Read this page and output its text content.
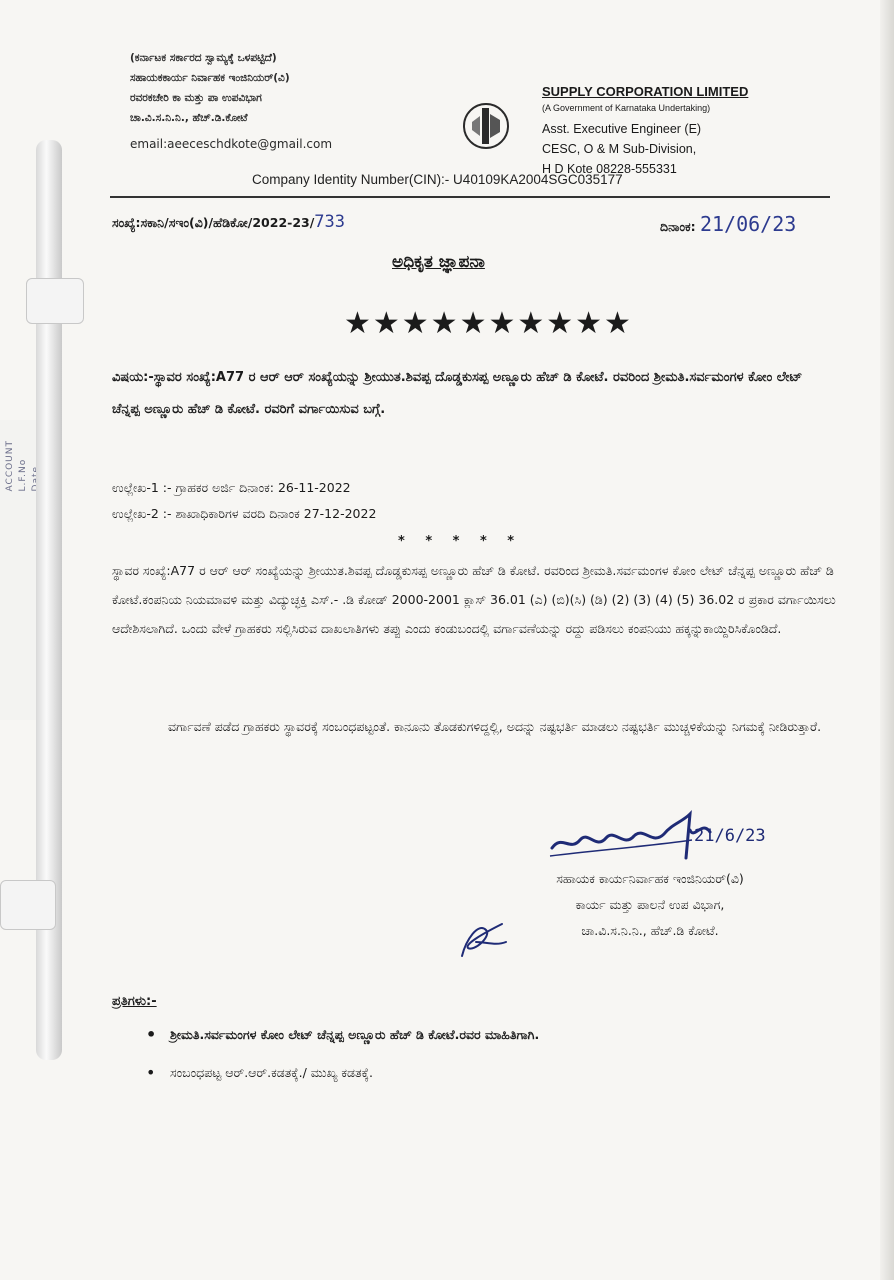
ACCOUNT L.F.No
(ಕರ್ನಾಟಕ ಸರ್ಕಾರದ ಸ್ವಾಮ್ಯಕ್ಕೆ ಒಳಪಟ್ಟಿದೆ)
ಸಹಾಯಕಕಾರ್ಯ ನಿರ್ವಾಹಕ ಇಂಜಿನಿಯರ್(ವಿ)
ರವರಕಚೇರಿ ಕಾ ಮತ್ತು ಪಾ ಉಪವಿಭಾಗ
ಚಾ.ವಿ.ಸ.ನಿ.ನಿ., ಹೆಚ್.ಡಿ.ಕೋಟೆ
email:aeeceschdkote@gmail.com
SUPPLY CORPORATION LIMITED
(A Government of Karnataka Undertaking)
Asst. Executive Engineer (E)
CESC, O & M Sub-Division,
H D Kote 08228-555331
Company Identity Number(CIN):- U40109KA2004SGC035177
ಸಂಖ್ಯೆ:ಸಕಾನಿ/ಸಇಂ(ವಿ)/ಹೆಡಿಕೋ/2022-23/733	ದಿನಾಂಕ: 21/06/23
ಅಧಿಕೃತ ಜ್ಞಾಪನಾ
★★★★★★★★★★
ವಿಷಯ:-ಸ್ಥಾವರ ಸಂಖ್ಯೆ:A77 ರ ಆರ್ ಆರ್ ಸಂಖ್ಯೆಯನ್ನು ಶ್ರೀಯುತ.ಶಿವಪ್ಪ ದೊಡ್ಡಕುಸಪ್ಪ ಅಣ್ಣೂರು ಹೆಚ್ ಡಿ ಕೋಟೆ. ರವರಿಂದ ಶ್ರೀಮತಿ.ಸರ್ವಮಂಗಳ ಕೋಂ ಲೇಟ್ ಚೆನ್ನಪ್ಪ ಅಣ್ಣೂರು ಹೆಚ್ ಡಿ ಕೋಟೆ. ರವರಿಗೆ ವರ್ಗಾಯಿಸುವ ಬಗ್ಗೆ.
ಉಲ್ಲೇಖ-1 :- ಗ್ರಾಹಕರ ಅರ್ಜಿ ದಿನಾಂಕ: 26-11-2022
ಉಲ್ಲೇಖ-2 :- ಶಾಖಾಧಿಕಾರಿಗಳ ವರದಿ ದಿನಾಂಕ 27-12-2022
* * * * *
ಸ್ಥಾವರ ಸಂಖ್ಯೆ:A77 ರ ಆರ್ ಆರ್ ಸಂಖ್ಯೆಯನ್ನು ಶ್ರೀಯುತ.ಶಿವಪ್ಪ ದೊಡ್ಡಕುಸಪ್ಪ ಅಣ್ಣೂರು ಹೆಚ್ ಡಿ ಕೋಟೆ. ರವರಿಂದ ಶ್ರೀಮತಿ.ಸರ್ವಮಂಗಳ ಕೋಂ ಲೇಟ್ ಚೆನ್ನಪ್ಪ ಅಣ್ಣೂರು ಹೆಚ್ ಡಿ ಕೋಟೆ.ಕಂಪನಿಯ ನಿಯಮಾವಳಿ ಮತ್ತು ವಿದ್ಯುಚ್ಛಕ್ತಿ ಎಸ್.- .ಡಿ ಕೋಡ್ 2000-2001 ಕ್ಲಾಸ್ 36.01 (ಎ) (ಬಿ)(ಸಿ) (ಡಿ) (2) (3) (4) (5) 36.02 ರ ಪ್ರಕಾರ ವರ್ಗಾಯಿಸಲು ಆದೇಶಿಸಲಾಗಿದೆ. ಒಂದು ವೇಳೆ ಗ್ರಾಹಕರು ಸಲ್ಲಿಸಿರುವ ದಾಖಲಾತಿಗಳು ತಪ್ಪು ಎಂದು ಕಂಡುಬಂದಲ್ಲಿ ವರ್ಗಾವಣೆಯನ್ನು ರದ್ದು ಪಡಿಸಲು ಕಂಪನಿಯು ಹಕ್ಕನ್ನುಕಾಯ್ದಿರಿಸಿಕೊಂಡಿದೆ.
ವರ್ಗಾವಣೆ ಪಡೆದ ಗ್ರಾಹಕರು ಸ್ಥಾವರಕ್ಕೆ ಸಂಬಂಧಪಟ್ಟಂತೆ. ಕಾನೂನು ತೊಡಕುಗಳಿದ್ದಲ್ಲಿ, ಅದನ್ನು ನಷ್ಟಭರ್ತಿ ಮಾಡಲು ನಷ್ಟಭರ್ತಿ ಮುಚ್ಚಳಿಕೆಯನ್ನು ನಿಗಮಕ್ಕೆ ನೀಡಿರುತ್ತಾರೆ.
21/6/23
ಸಹಾಯಕ ಕಾರ್ಯನಿರ್ವಾಹಕ ಇಂಜಿನಿಯರ್(ವಿ)
ಕಾರ್ಯ ಮತ್ತು ಪಾಲನೆ ಉಪ ವಿಭಾಗ,
ಚಾ.ವಿ.ಸ.ನಿ.ನಿ., ಹೆಚ್.ಡಿ ಕೋಟೆ.
ಪ್ರತಿಗಳು:-
• ಶ್ರೀಮತಿ.ಸರ್ವಮಂಗಳ ಕೋಂ ಲೇಟ್ ಚೆನ್ನಪ್ಪ ಅಣ್ಣೂರು ಹೆಚ್ ಡಿ ಕೋಟೆ.ರವರ ಮಾಹಿತಿಗಾಗಿ.
• ಸಂಬಂಧಪಟ್ಟ ಆರ್.ಆರ್.ಕಡತಕ್ಕೆ./ ಮುಖ್ಯ ಕಡತಕ್ಕೆ.
